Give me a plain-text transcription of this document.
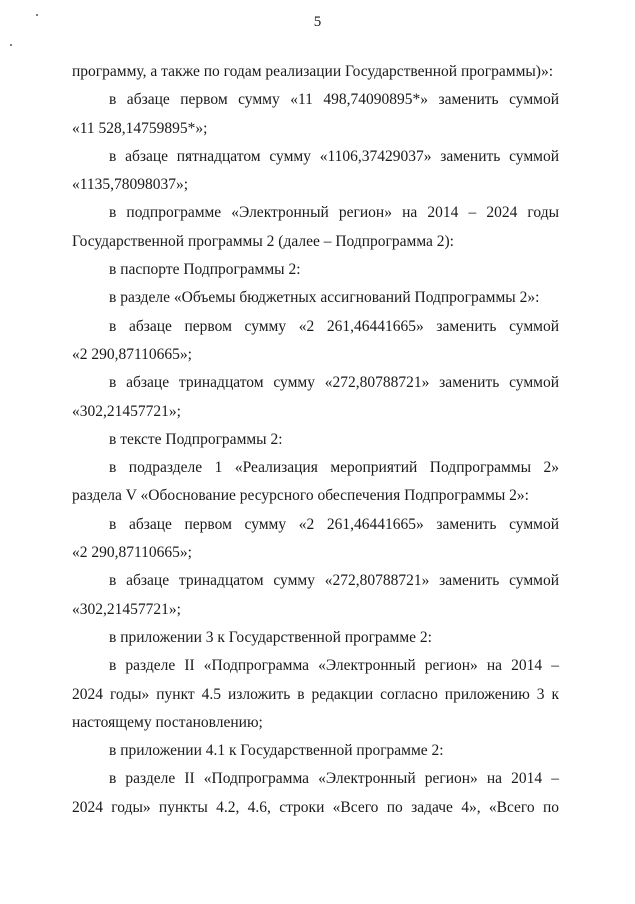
5
программу, а также по годам реализации Государственной программы)»:
в абзаце первом сумму «11 498,74090895*» заменить суммой
«11 528,14759895*»;
в абзаце пятнадцатом сумму «1106,37429037» заменить суммой
«1135,78098037»;
в подпрограмме «Электронный регион» на 2014 – 2024 годы
Государственной программы 2 (далее – Подпрограмма 2):
в паспорте Подпрограммы 2:
в разделе «Объемы бюджетных ассигнований Подпрограммы 2»:
в абзаце первом сумму «2 261,46441665» заменить суммой
«2 290,87110665»;
в абзаце тринадцатом сумму «272,80788721» заменить суммой
«302,21457721»;
в тексте Подпрограммы 2:
в подразделе 1 «Реализация мероприятий Подпрограммы 2»
раздела V «Обоснование ресурсного обеспечения Подпрограммы 2»:
в абзаце первом сумму «2 261,46441665» заменить суммой
«2 290,87110665»;
в абзаце тринадцатом сумму «272,80788721» заменить суммой
«302,21457721»;
в приложении 3 к Государственной программе 2:
в разделе II «Подпрограмма «Электронный регион» на 2014 –
2024 годы» пункт 4.5 изложить в редакции согласно приложению 3 к
настоящему постановлению;
в приложении 4.1 к Государственной программе 2:
в разделе II «Подпрограмма «Электронный регион» на 2014 –
2024 годы» пункты 4.2, 4.6, строки «Всего по задаче 4», «Всего по
